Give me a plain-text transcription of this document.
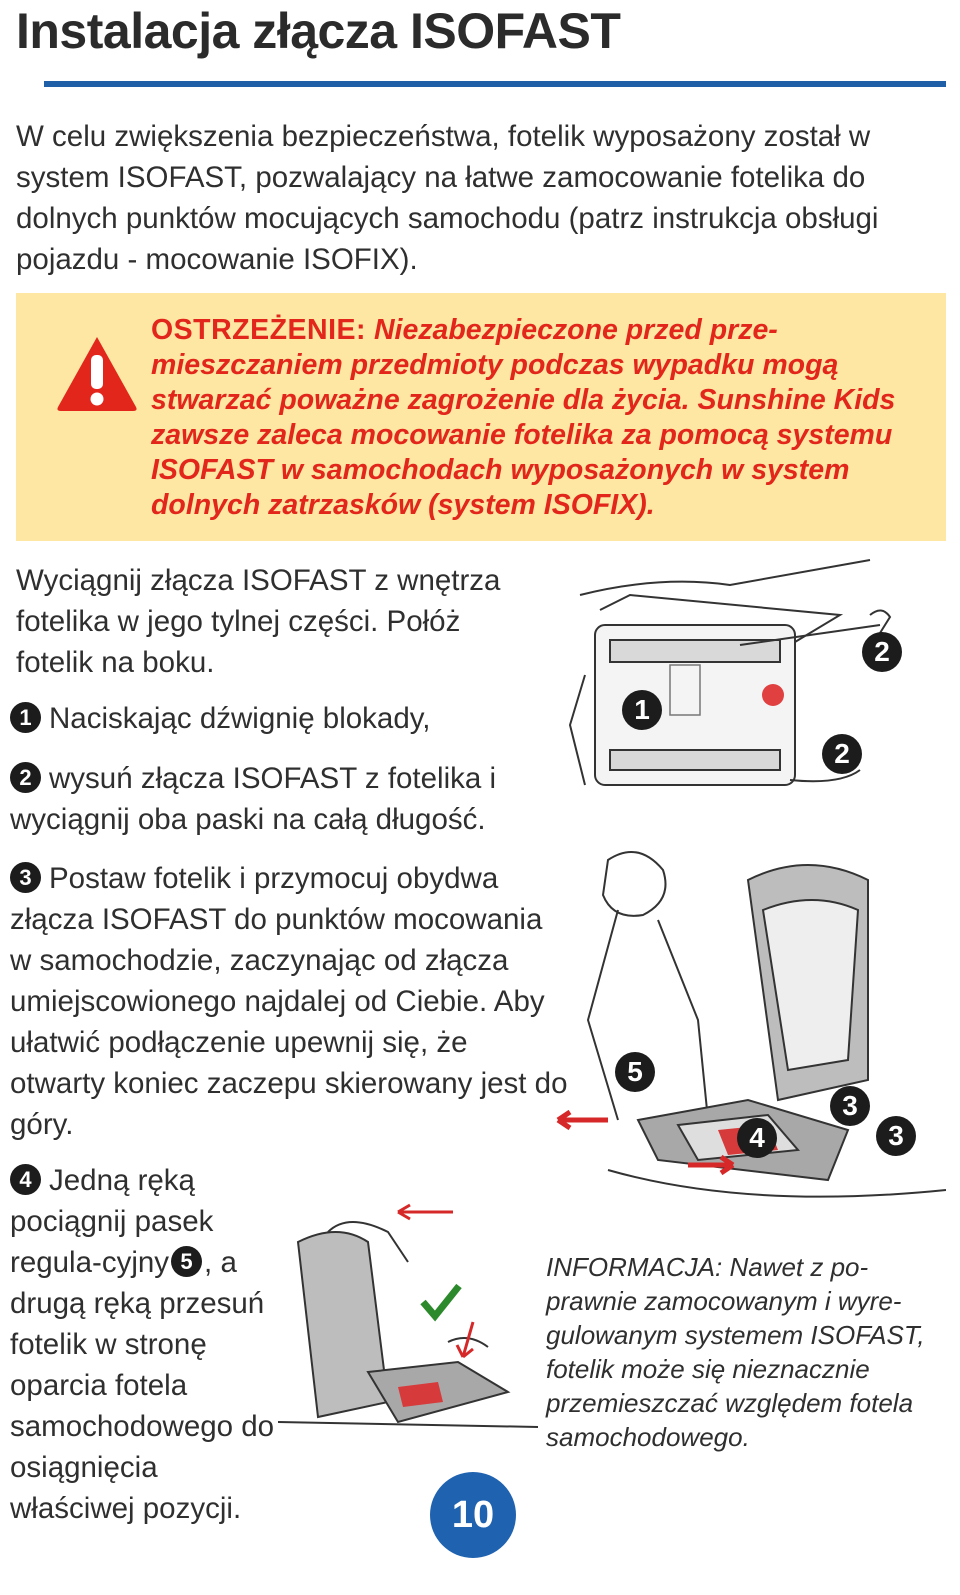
Instalacja złącza ISOFAST
W celu zwiększenia bezpieczeństwa, fotelik wyposażony został w system ISOFAST, pozwalający na łatwe zamocowanie fotelika do dolnych punktów mocujących samochodu (patrz instrukcja obsługi pojazdu - mocowanie ISOFIX).
OSTRZEŻENIE: Niezabezpieczone przed prze-mieszczaniem przedmioty podczas wypadku mogą stwarzać poważne zagrożenie dla życia. Sunshine Kids zawsze zaleca mocowanie fotelika za pomocą systemu ISOFAST w samochodach wyposażonych w system dolnych zatrzasków (system ISOFIX).
Wyciągnij złącza ISOFAST z wnętrza fotelika w jego tylnej części. Połóż fotelik na boku.
1 Naciskając dźwignię blokady,
2 wysuń złącza ISOFAST z fotelika i wyciągnij oba paski na całą długość.
3 Postaw fotelik i przymocuj obydwa złącza ISOFAST do punktów mocowania w samochodzie, zaczynając od złącza umiejscowionego najdalej od Ciebie. Aby ułatwić podłączenie upewnij się, że otwarty koniec zaczepu skierowany jest do góry.
4 Jedną ręką pociągnij pasek regula-cyjny 5 , a drugą ręką przesuń fotelik w stronę oparcia fotela samochodowego do osiągnięcia właściwej pozycji.
1
2
2
5
4
3
3
INFORMACJA: Nawet z po-prawnie zamocowanym i wyre-gulowanym systemem ISOFAST, fotelik może się nieznacznie przemieszczać względem fotela samochodowego.
10
